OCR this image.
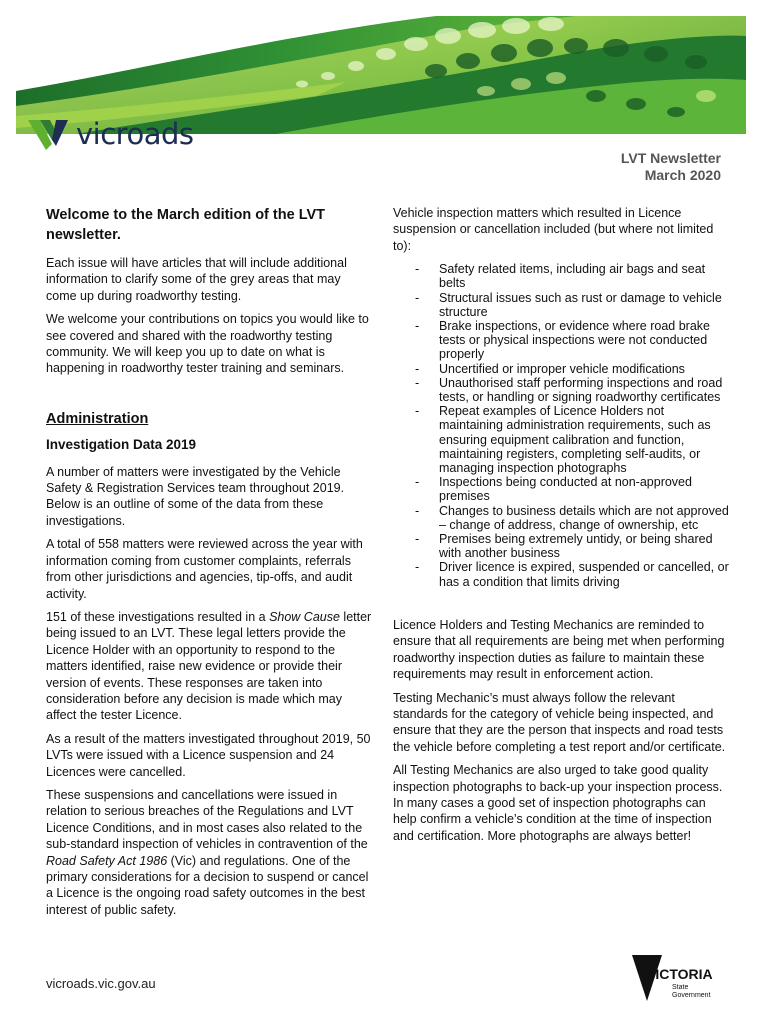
vicroads
LVT Newsletter
March 2020
Welcome to the March edition of the LVT newsletter.

Each issue will have articles that will include additional information to clarify some of the grey areas that may come up during roadworthy testing.

We welcome your contributions on topics you would like to see covered and shared with the roadworthy testing community. We will keep you up to date on what is happening in roadworthy tester training and seminars.

Administration
Investigation Data 2019

A number of matters were investigated by the Vehicle Safety & Registration Services team throughout 2019. Below is an outline of some of the data from these investigations.

A total of 558 matters were reviewed across the year with information coming from customer complaints, referrals from other jurisdictions and agencies, tip-offs, and audit activity.

151 of these investigations resulted in a Show Cause letter being issued to an LVT. These legal letters provide the Licence Holder with an opportunity to respond to the matters identified, raise new evidence or provide their version of events. These responses are taken into consideration before any decision is made which may affect the tester Licence.

As a result of the matters investigated throughout 2019, 50 LVTs were issued with a Licence suspension and 24 Licences were cancelled.

These suspensions and cancellations were issued in relation to serious breaches of the Regulations and LVT Licence Conditions, and in most cases also related to the sub-standard inspection of vehicles in contravention of the Road Safety Act 1986 (Vic) and regulations. One of the primary considerations for a decision to suspend or cancel a Licence is the ongoing road safety outcomes in the best interest of public safety.

Vehicle inspection matters which resulted in Licence suspension or cancellation included (but where not limited to):

- Safety related items, including air bags and seat belts
- Structural issues such as rust or damage to vehicle structure
- Brake inspections, or evidence where road brake tests or physical inspections were not conducted properly
- Uncertified or improper vehicle modifications
- Unauthorised staff performing inspections and road tests, or handling or signing roadworthy certificates
- Repeat examples of Licence Holders not maintaining administration requirements, such as ensuring equipment calibration and function, maintaining registers, completing self-audits, or managing inspection photographs
- Inspections being conducted at non-approved premises
- Changes to business details which are not approved – change of address, change of ownership, etc
- Premises being extremely untidy, or being shared with another business
- Driver licence is expired, suspended or cancelled, or has a condition that limits driving

Licence Holders and Testing Mechanics are reminded to ensure that all requirements are being met when performing roadworthy inspection duties as failure to maintain these requirements may result in enforcement action.

Testing Mechanic’s must always follow the relevant standards for the category of vehicle being inspected, and ensure that they are the person that inspects and road tests the vehicle before completing a test report and/or certificate.

All Testing Mechanics are also urged to take good quality inspection photographs to back-up your inspection process. In many cases a good set of inspection photographs can help confirm a vehicle’s condition at the time of inspection and certification. More photographs are always better!

vicroads.vic.gov.au
VICTORIA
State
Government
